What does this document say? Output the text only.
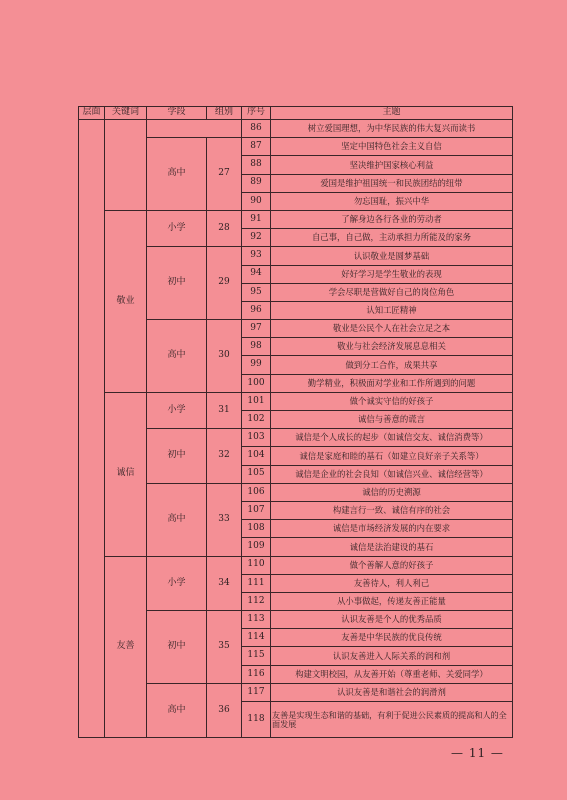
层面	关键词	学段	组别	序号	主题
				86	树立爱国理想，为中华民族的伟大复兴而读书
		高中	27	87	坚定中国特色社会主义自信
				88	坚决维护国家核心利益
				89	爱国是维护祖国统一和民族团结的纽带
				90	勿忘国耻，振兴中华
	敬业	小学	28	91	了解身边各行各业的劳动者
				92	自己事，自己做，主动承担力所能及的家务
		初中	29	93	认识敬业是圆梦基础
				94	好好学习是学生敬业的表现
				95	学会尽职是营做好自己的岗位角色
				96	认知工匠精神
		高中	30	97	敬业是公民个人在社会立足之本
				98	敬业与社会经济发展息息相关
				99	做到分工合作，成果共享
				100	勤学精业，积极面对学业和工作所遇到的问题
	诚信	小学	31	101	做个诚实守信的好孩子
				102	诚信与善意的谎言
		初中	32	103	诚信是个人成长的起步（如诚信交友、诚信消费等）
				104	诚信是家庭和睦的基石（如建立良好亲子关系等）
				105	诚信是企业的社会良知（如诚信兴业、诚信经营等）
		高中	33	106	诚信的历史溯源
				107	构建言行一致、诚信有序的社会
				108	诚信是市场经济发展的内在要求
				109	诚信是法治建设的基石
	友善	小学	34	110	做个善解人意的好孩子
				111	友善待人，利人利己
				112	从小事做起，传递友善正能量
		初中	35	113	认识友善是个人的优秀品质
				114	友善是中华民族的优良传统
				115	认识友善进入人际关系的润和剂
				116	构建文明校园，从友善开始（尊重老师、关爱同学）
		高中	36	117	认识友善是和谐社会的润滑剂
				118	友善是实现生态和谐的基础，有利于促进公民素质的提高和人的全面发展
— 11 —
